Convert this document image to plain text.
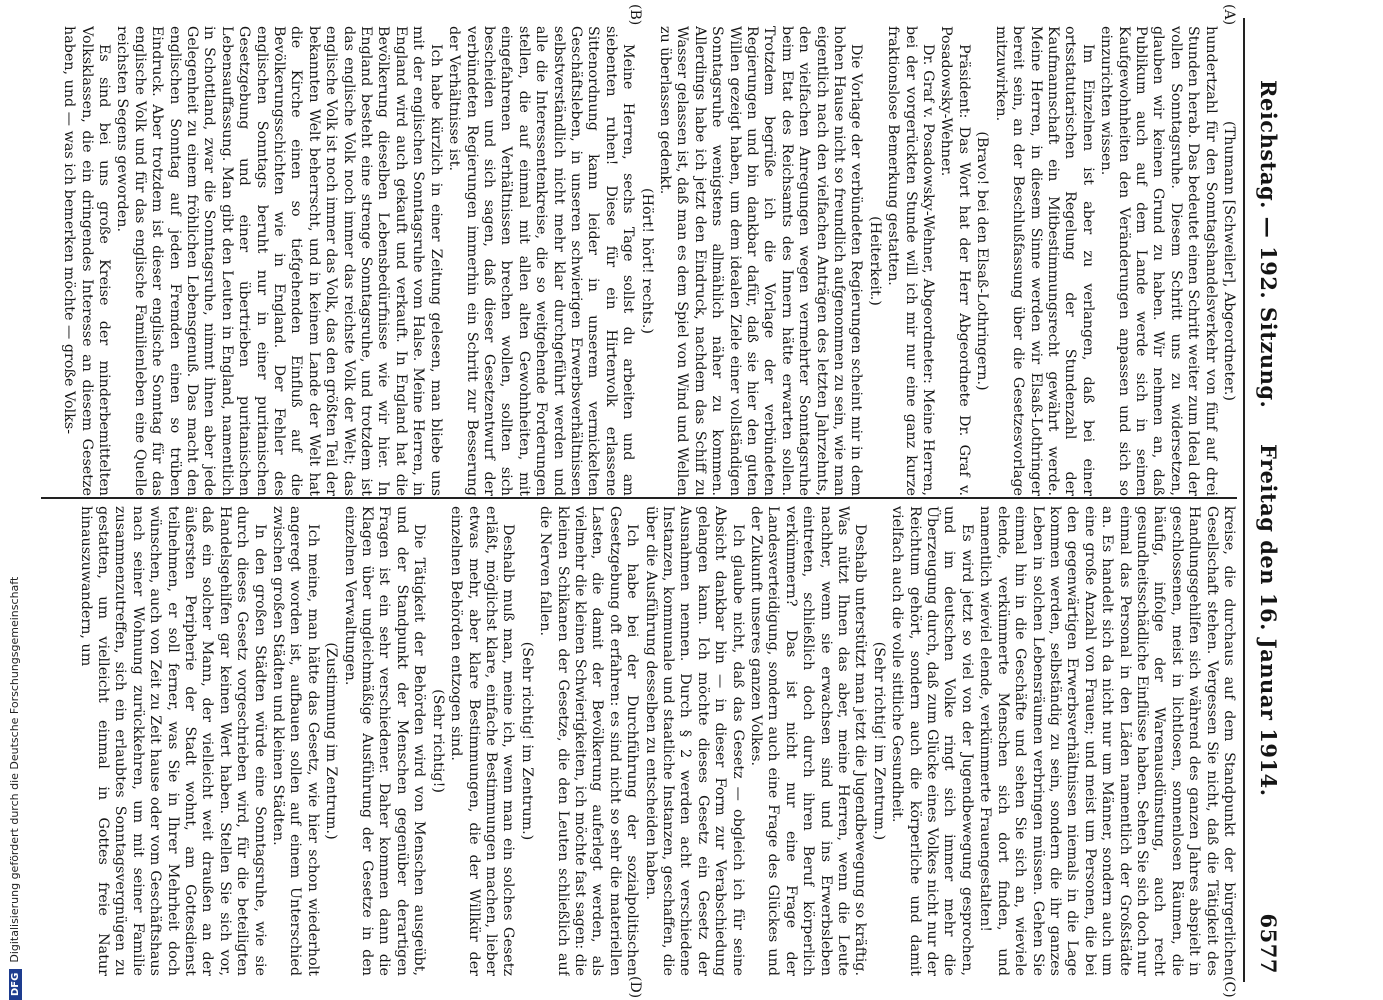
Reichstag. — 192. Sitzung.
Freitag den 16. Januar 1914.
6577
(A)
(B)
(C)
(D)

(Thumann [Schweiler], Abgeordneter.)

hundertzahl für den Sonntagshandelsverkehr von fünf auf drei Stunden herab. Das bedeutet einen Schritt weiter zum Ideal der vollen Sonntagsruhe. Diesem Schritt uns zu widersetzen, glauben wir keinen Grund zu haben. Wir nehmen an, daß Publikum auch auf dem Lande werde sich in seinen Kaufgewohnheiten den Veränderungen anpassen und sich so einzurichten wissen.

Im Einzelnen ist aber zu verlangen, daß bei einer ortsstatutarischen Regelung der Stundenzahl der Kaufmannschaft ein Mitbestimmungsrecht gewährt werde. Meine Herren, in diesem Sinne werden wir Elsaß-Lothringer bereit sein, an der Beschlußfassung über die Gesetzesvorlage mitzuwirken.

(Bravo! bei den Elsaß-Lothringern.)

Präsident: Das Wort hat der Herr Abgeordnete Dr. Graf v. Posadowsky-Wehner.

Dr. Graf v. Posadowsky-Wehner, Abgeordneter: Meine Herren, bei der vorgerückten Stunde will ich mir nur eine ganz kurze fraktionslose Bemerkung gestatten.

(Heiterkeit.)

Die Vorlage der verbündeten Regierungen scheint mir in dem hohen Hause nicht so freundlich aufgenommen zu sein, wie man eigentlich nach den vielfachen Anträgen des letzten Jahrzehnts, den vielfachen Anregungen wegen vermehrter Sonntagsruhe beim Etat des Reichsamts des Innern hätte erwarten sollen. Trotzdem begrüße ich die Vorlage der verbündeten Regierungen und bin dankbar dafür, daß sie hier den guten Willen gezeigt haben, um dem idealen Ziele einer vollständigen Sonntagsruhe wenigstens allmählich näher zu kommen. Allerdings habe ich jetzt den Eindruck, nachdem das Schiff zu Wasser gelassen ist, daß man es dem Spiel von Wind und Wellen zu überlassen gedenkt.

(Hört! hört! rechts.)

Meine Herren, sechs Tage sollst du arbeiten und am siebenten ruhen! Diese für ein Hirtenvolk erlassene Sittenordnung kann leider in unserem vermickelten Geschäftsleben, in unseren schwierigen Erwerbsverhältnissen selbstverständlich nicht mehr klar durchgeführt werden und alle die Interessentenkreise, die so weitgehende Forderungen stellen, die auf einmal mit allen alten Gewohnheiten, mit eingefahrenen Verhältnissen brechen wollen, sollten sich bescheiden und sich sagen, daß dieser Gesetzentwurf der verbündeten Regierungen immerhin ein Schritt zur Besserung der Verhältnisse ist.

Ich habe kürzlich in einer Zeitung gelesen, man bliebe uns mit der englischen Sonntagsruhe vom Halse. Meine Herren, in England wird auch gekauft und verkauft. In England hat die Bevölkerung dieselben Lebensbedürfnisse wie wir hier. In England besteht eine strenge Sonntagsruhe, und trotzdem ist das englische Volk noch immer das reichste Volk der Welt; das englische Volk ist noch immer das Volk, das den größten Teil der bekannten Welt beherrscht, und in keinem Lande der Welt hat die Kirche einen so tiefgehenden Einfluß auf die Bevölkerungsschichten wie in England. Der Fehler des englischen Sonntags beruht nur in einer puritanischen Gesetzgebung und einer übertrieben puritanischen Lebensauffassung. Man gibt den Leuten in England, namentlich in Schottland, zwar die Sonntagsruhe, nimmt ihnen aber jede Gelegenheit zu einem fröhlichen Lebensgenuß. Das macht den englischen Sonntag auf jeden Fremden einen so trüben Eindruck. Aber trotzdem ist dieser englische Sonntag für das englische Volk und für das englische Familienleben eine Quelle reichsten Segens geworden.

Es sind bei uns große Kreise der minderbemittelten Volksklassen, die ein dringendes Interesse an diesem Gesetze haben, und — was ich bemerken möchte — große Volks-

kreise, die durchaus auf dem Standpunkt der bürgerlichen Gesellschaft stehen. Vergessen Sie nicht, daß die Tätigkeit des Handlungsgehilfen sich während des ganzen Jahres abspielt in geschlossenen, meist in lichtlosen, sonnenlosen Räumen, die häufig, infolge der Warenausdünstung, auch recht gesundheitsschädliche Einflüsse haben. Sehen Sie sich doch nur einmal das Personal in den Läden namentlich der Großstädte an. Es handelt sich da nicht nur um Männer, sondern auch um eine große Anzahl von Frauen; und meist um Personen, die bei den gegenwärtigen Erwerbsverhältnissen niemals in die Lage kommen werden, selbständig zu sein, sondern die ihr ganzes Leben in solchen Lebensräumen verbringen müssen. Gehen Sie einmal hin in die Geschäfte und sehen Sie sich an, wieviele elende, verkümmerte Menschen sich dort finden, und namentlich wieviel elende, verkümmerte Frauengestalten!

Es wird jetzt so viel von der Jugendbewegung gesprochen, und im deutschen Volke ringt sich immer mehr die Überzeugung durch, daß zum Glücke eines Volkes nicht nur der Reichtum gehört, sondern auch die körperliche und damit vielfach auch die volle sittliche Gesundheit.

(Sehr richtig! im Zentrum.)

Deshalb unterstützt man jetzt die Jugendbewegung so kräftig. Was nützt Ihnen das aber, meine Herren, wenn die Leute nachher, wenn sie erwachsen sind und ins Erwerbsleben eintreten, schließlich doch durch ihren Beruf körperlich verkümmern? Das ist nicht nur eine Frage der Landesverteidigung, sondern auch eine Frage des Glückes und der Zukunft unseres ganzen Volkes.

Ich glaube nicht, daß das Gesetz — obgleich ich für seine Absicht dankbar bin — in dieser Form zur Verabschiedung gelangen kann. Ich möchte dieses Gesetz ein Gesetz der Ausnahmen nennen. Durch § 2 werden acht verschiedene Instanzen, kommunale und staatliche Instanzen, geschaffen, die über die Ausführung desselben zu entscheiden haben.

Ich habe bei der Durchführung der sozialpolitischen Gesetzgebung oft erfahren: es sind nicht so sehr die materiellen Lasten, die damit der Bevölkerung auferlegt werden, als vielmehr die kleinen Schwierigkeiten, ich möchte fast sagen: die kleinen Schikanen der Gesetze, die den Leuten schließlich auf die Nerven fallen.

(Sehr richtig! im Zentrum.)

Deshalb muß man, meine ich, wenn man ein solches Gesetz erläßt, möglichst klare, einfache Bestimmungen machen, lieber etwas mehr, aber klare Bestimmungen, die der Willkür der einzelnen Behörden entzogen sind.

(Sehr richtig!)

Die Tätigkeit der Behörden wird von Menschen ausgeübt, und der Standpunkt der Menschen gegenüber derartigen Fragen ist ein sehr verschiedener. Daher kommen dann die Klagen über ungleichmäßige Ausführung der Gesetze in den einzelnen Verwaltungen.

(Zustimmung im Zentrum.)

Ich meine, man hätte das Gesetz, wie hier schon wiederholt angeregt worden ist, aufbauen sollen auf einem Unterschied zwischen großen Städten und kleinen Städten.

In den großen Städten würde eine Sonntagsruhe, wie sie durch dieses Gesetz vorgeschrieben wird, für die beteiligten Handelsgehilfen gar keinen Wert haben. Stellen Sie sich vor, daß ein solcher Mann, der vielleicht weit draußen an der äußersten Peripherie der Stadt wohnt, am Gottesdienst teilnehmen, er soll ferner, was Sie in Ihrer Mehrheit doch wünschen, auch von Zeit zu Zeit hause oder vom Geschäftshaus nach seiner Wohnung zurückkehren, um mit seiner Familie zusammenzutreffen, sich ein erlaubtes Sonntagsvergnügen zu gestatten, um vielleicht einmal in Gottes freie Natur hinauszuwandern, um

DFGDigitalisierung gefördert durch die Deutsche Forschungsgemeinschaft
